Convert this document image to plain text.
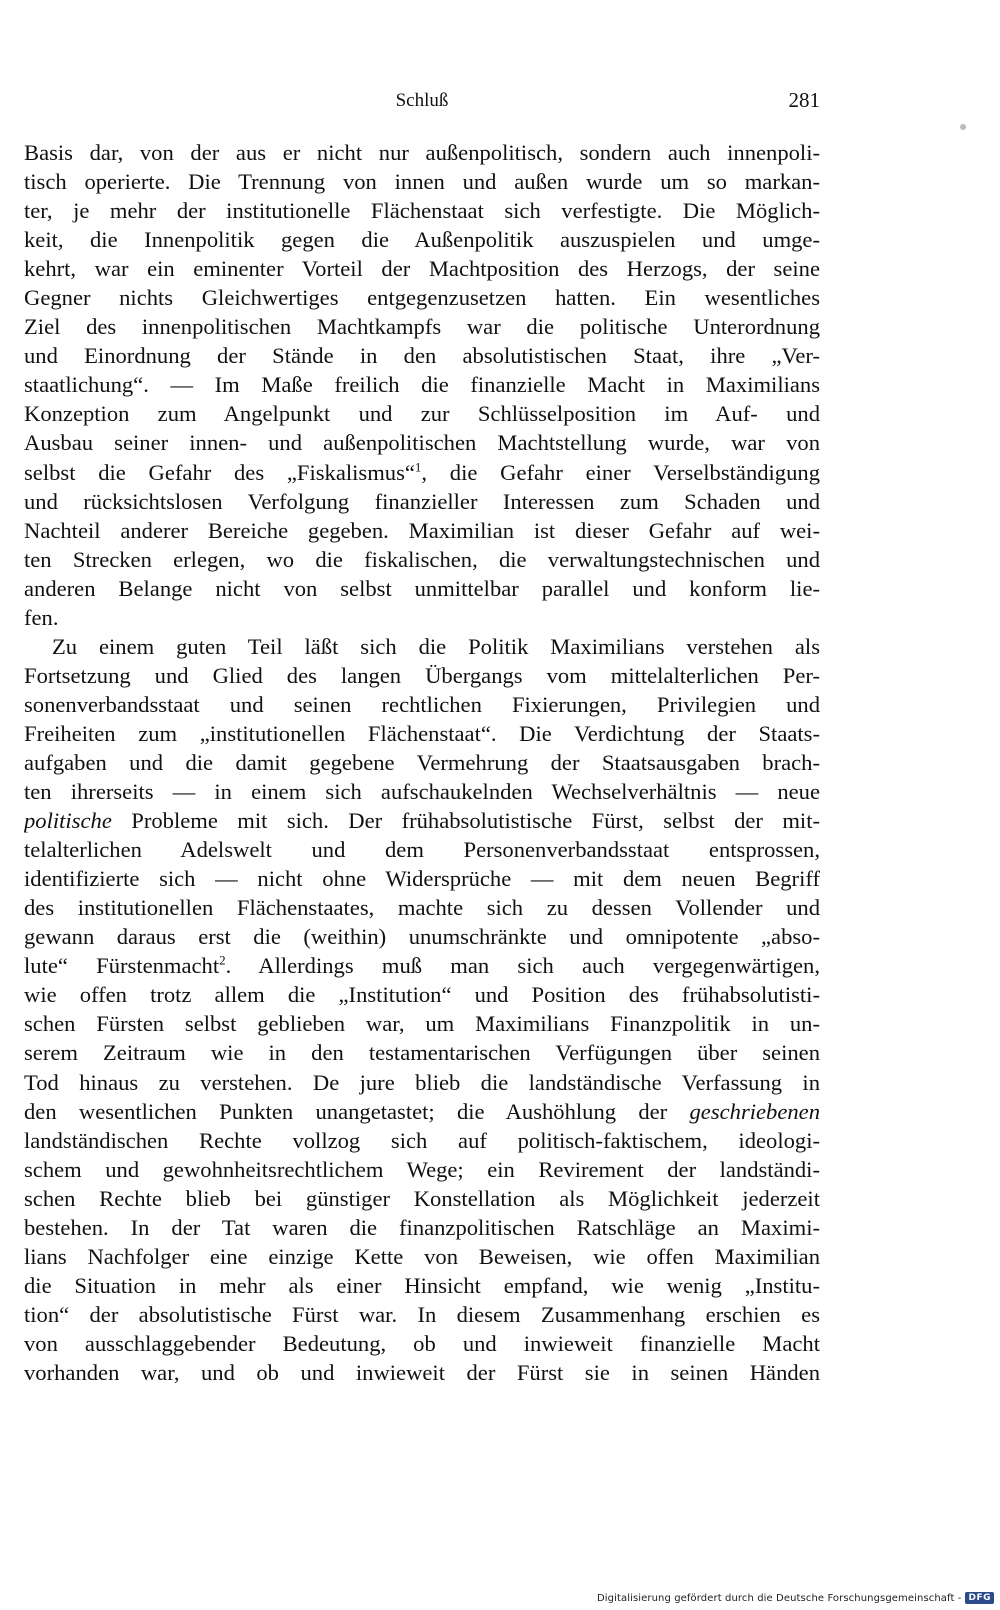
Schluß	281
Basis dar, von der aus er nicht nur außenpolitisch, sondern auch innenpoli-
tisch operierte. Die Trennung von innen und außen wurde um so markan-
ter, je mehr der institutionelle Flächenstaat sich verfestigte. Die Möglich-
keit, die Innenpolitik gegen die Außenpolitik auszuspielen und umge-
kehrt, war ein eminenter Vorteil der Machtposition des Herzogs, der seine
Gegner nichts Gleichwertiges entgegenzusetzen hatten. Ein wesentliches
Ziel des innenpolitischen Machtkampfs war die politische Unterordnung
und Einordnung der Stände in den absolutistischen Staat, ihre „Ver-
staatlichung“. — Im Maße freilich die finanzielle Macht in Maximilians
Konzeption zum Angelpunkt und zur Schlüsselposition im Auf- und
Ausbau seiner innen- und außenpolitischen Machtstellung wurde, war von
selbst die Gefahr des „Fiskalismus“$^1$, die Gefahr einer Verselbständigung
und rücksichtslosen Verfolgung finanzieller Interessen zum Schaden und
Nachteil anderer Bereiche gegeben. Maximilian ist dieser Gefahr auf wei-
ten Strecken erlegen, wo die fiskalischen, die verwaltungstechnischen und
anderen Belange nicht von selbst unmittelbar parallel und konform lie-
fen.
Zu einem guten Teil läßt sich die Politik Maximilians verstehen als
Fortsetzung und Glied des langen Übergangs vom mittelalterlichen Per-
sonenverbandsstaat und seinen rechtlichen Fixierungen, Privilegien und
Freiheiten zum „institutionellen Flächenstaat“. Die Verdichtung der Staats-
aufgaben und die damit gegebene Vermehrung der Staatsausgaben brach-
ten ihrerseits — in einem sich aufschaukelnden Wechselverhältnis — neue
politische Probleme mit sich. Der frühabsolutistische Fürst, selbst der mit-
telalterlichen Adelswelt und dem Personenverbandsstaat entsprossen,
identifizierte sich — nicht ohne Widersprüche — mit dem neuen Begriff
des institutionellen Flächenstaates, machte sich zu dessen Vollender und
gewann daraus erst die (weithin) unumschränkte und omnipotente „abso-
lute“ Fürstenmacht$^2$. Allerdings muß man sich auch vergegenwärtigen,
wie offen trotz allem die „Institution“ und Position des frühabsolutisti-
schen Fürsten selbst geblieben war, um Maximilians Finanzpolitik in un-
serem Zeitraum wie in den testamentarischen Verfügungen über seinen
Tod hinaus zu verstehen. De jure blieb die landständische Verfassung in
den wesentlichen Punkten unangetastet; die Aushöhlung der geschriebenen
landständischen Rechte vollzog sich auf politisch-faktischem, ideologi-
schem und gewohnheitsrechtlichem Wege; ein Revirement der landständi-
schen Rechte blieb bei günstiger Konstellation als Möglichkeit jederzeit
bestehen. In der Tat waren die finanzpolitischen Ratschläge an Maximi-
lians Nachfolger eine einzige Kette von Beweisen, wie offen Maximilian
die Situation in mehr als einer Hinsicht empfand, wie wenig „Institu-
tion“ der absolutistische Fürst war. In diesem Zusammenhang erschien es
von ausschlaggebender Bedeutung, ob und inwieweit finanzielle Macht
vorhanden war, und ob und inwieweit der Fürst sie in seinen Händen
Digitalisierung gefördert durch die Deutsche Forschungsgemeinschaft - DFG
